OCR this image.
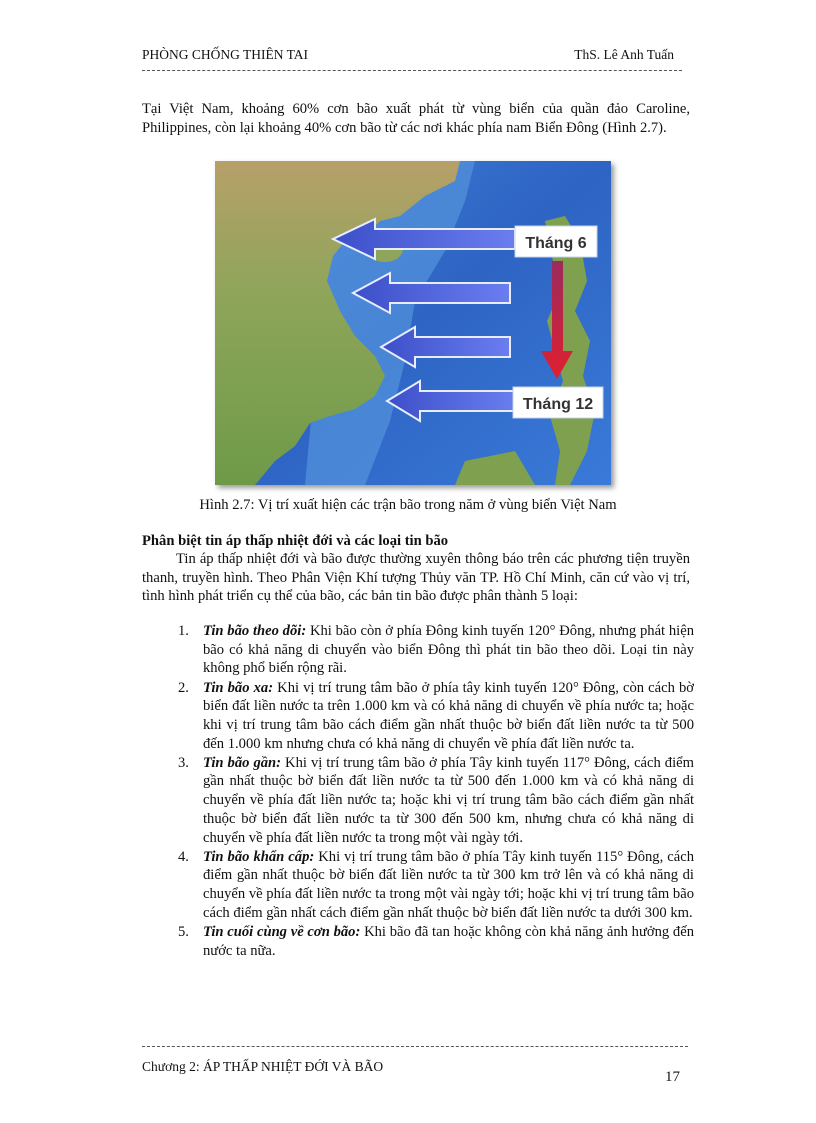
PHÒNG CHỐNG THIÊN TAI	ThS. Lê Anh Tuấn
Tại Việt Nam, khoảng 60% cơn bão xuất phát từ vùng biển của quần đảo Caroline, Philippines, còn lại khoảng 40% cơn bão từ các nơi khác phía nam Biển Đông (Hình 2.7).
Tháng 6
Tháng 12
Hình 2.7: Vị trí xuất hiện các trận bão trong năm ở vùng biển Việt Nam
Phân biệt tin áp thấp nhiệt đới và các loại tin bão
Tin áp thấp nhiệt đới và bão được thường xuyên thông báo trên các phương tiện truyền thanh, truyền hình. Theo Phân Viện Khí tượng Thủy văn TP. Hồ Chí Minh, căn cứ vào vị trí, tình hình phát triển cụ thể của bão, các bản tin bão được phân thành 5 loại:
1. Tin bão theo dõi: Khi bão còn ở phía Đông kinh tuyến 120° Đông, nhưng phát hiện bão có khả năng di chuyển vào biển Đông thì phát tin bão theo dõi. Loại tin này không phổ biến rộng rãi.
2. Tin bão xa: Khi vị trí trung tâm bão ở phía tây kinh tuyến 120° Đông, còn cách bờ biển đất liền nước ta trên 1.000 km và có khả năng di chuyển về phía nước ta; hoặc khi vị trí trung tâm bão cách điểm gần nhất thuộc bờ biển đất liền nước ta từ 500 đến 1.000 km nhưng chưa có khả năng di chuyển về phía đất liền nước ta.
3. Tin bão gần: Khi vị trí trung tâm bão ở phía Tây kinh tuyến 117° Đông, cách điểm gần nhất thuộc bờ biển đất liền nước ta từ 500 đến 1.000 km và có khả năng di chuyển về phía đất liền nước ta; hoặc khi vị trí trung tâm bão cách điểm gần nhất thuộc bờ biển đất liền nước ta từ 300 đến 500 km, nhưng chưa có khả năng di chuyển về phía đất liền nước ta trong một vài ngày tới.
4. Tin bão khẩn cấp: Khi vị trí trung tâm bão ở phía Tây kinh tuyến 115° Đông, cách điểm gần nhất thuộc bờ biển đất liền nước ta từ 300 km trở lên và có khả năng di chuyển về phía đất liền nước ta trong một vài ngày tới; hoặc khi vị trí trung tâm bão cách điểm gần nhất cách điểm gần nhất thuộc bờ biển đất liền nước ta dưới 300 km.
5. Tin cuối cùng về cơn bão: Khi bão đã tan hoặc không còn khả năng ảnh hưởng đến nước ta nữa.
Chương 2: ÁP THẤP NHIỆT ĐỚI VÀ BÃO
17
